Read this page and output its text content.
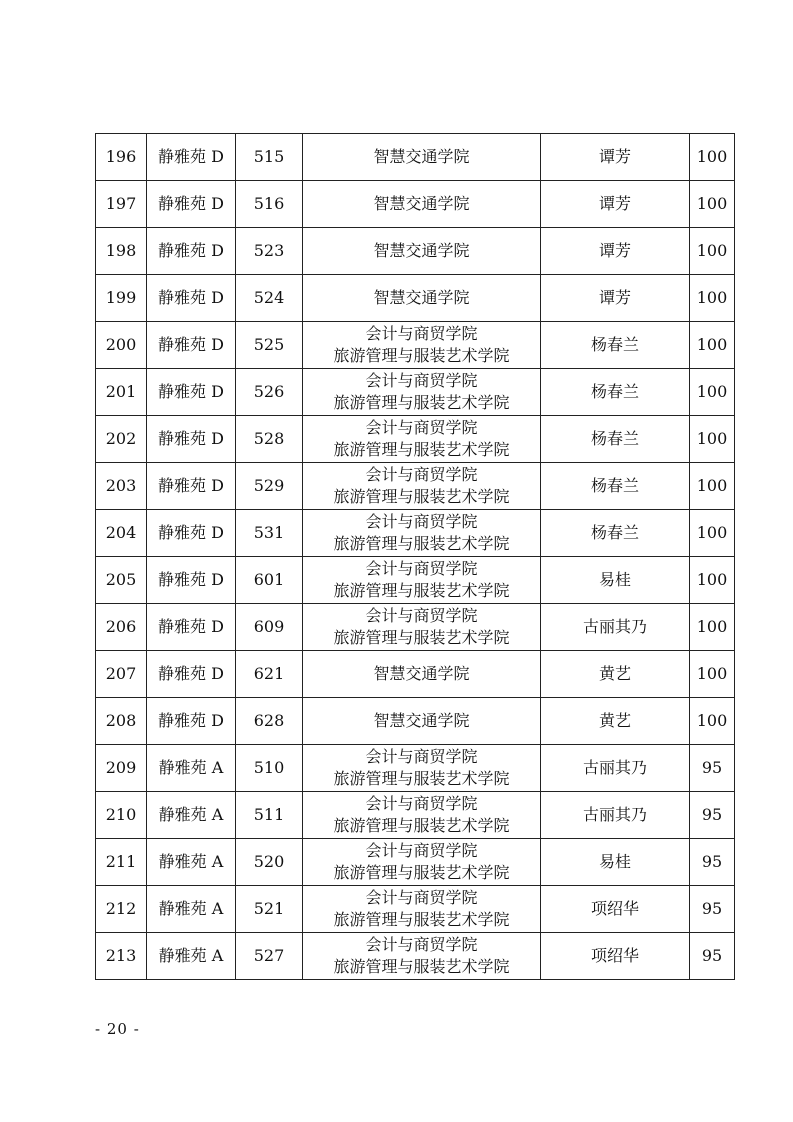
196	静雅苑 D	515	智慧交通学院	谭芳	100
197	静雅苑 D	516	智慧交通学院	谭芳	100
198	静雅苑 D	523	智慧交通学院	谭芳	100
199	静雅苑 D	524	智慧交通学院	谭芳	100
200	静雅苑 D	525	会计与商贸学院
旅游管理与服装艺术学院	杨春兰	100
201	静雅苑 D	526	会计与商贸学院
旅游管理与服装艺术学院	杨春兰	100
202	静雅苑 D	528	会计与商贸学院
旅游管理与服装艺术学院	杨春兰	100
203	静雅苑 D	529	会计与商贸学院
旅游管理与服装艺术学院	杨春兰	100
204	静雅苑 D	531	会计与商贸学院
旅游管理与服装艺术学院	杨春兰	100
205	静雅苑 D	601	会计与商贸学院
旅游管理与服装艺术学院	易桂	100
206	静雅苑 D	609	会计与商贸学院
旅游管理与服装艺术学院	古丽其乃	100
207	静雅苑 D	621	智慧交通学院	黄艺	100
208	静雅苑 D	628	智慧交通学院	黄艺	100
209	静雅苑 A	510	会计与商贸学院
旅游管理与服装艺术学院	古丽其乃	95
210	静雅苑 A	511	会计与商贸学院
旅游管理与服装艺术学院	古丽其乃	95
211	静雅苑 A	520	会计与商贸学院
旅游管理与服装艺术学院	易桂	95
212	静雅苑 A	521	会计与商贸学院
旅游管理与服装艺术学院	项绍华	95
213	静雅苑 A	527	会计与商贸学院
旅游管理与服装艺术学院	项绍华	95
- 20 -
